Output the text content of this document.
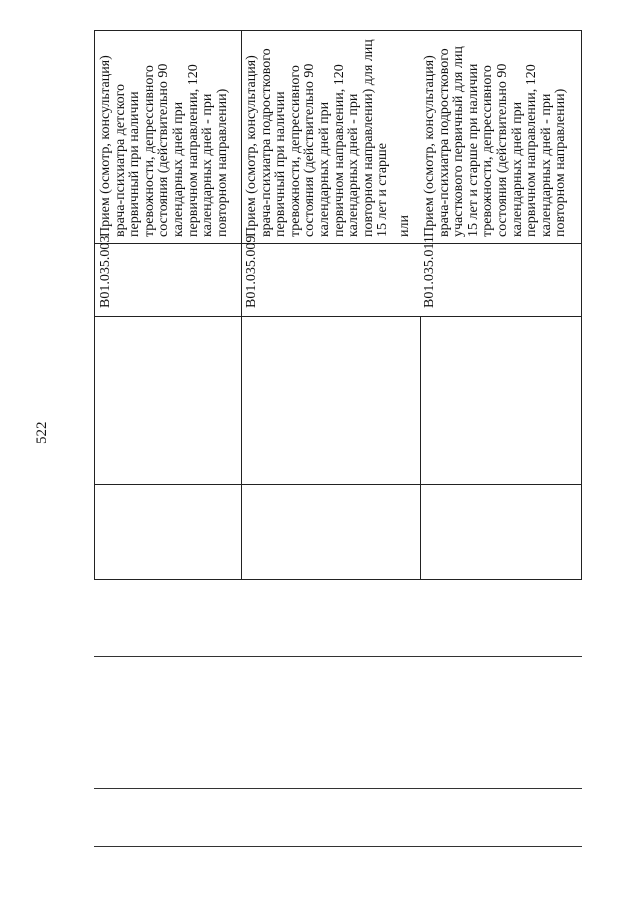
522
B01.035.003
Прием (осмотр, консультация) врача-психиатра детского первичный при наличии тревожности, депрессивного состояния (действительно 90 календарных дней при первичном направлении, 120 календарных дней - при повторном направлении)
B01.035.009
Прием (осмотр, консультация) врача-психиатра подросткового первичный при наличии тревожности, депрессивного состояния (действительно 90 календарных дней при первичном направлении, 120 календарных дней - при повторном направлении) для лиц 15 лет и старше или
B01.035.011
Прием (осмотр, консультация) врача-психиатра подросткового участкового первичный для лиц 15 лет и старше при наличии тревожности, депрессивного состояния (действительно 90 календарных дней при первичном направлении, 120 календарных дней - при повторном направлении)
